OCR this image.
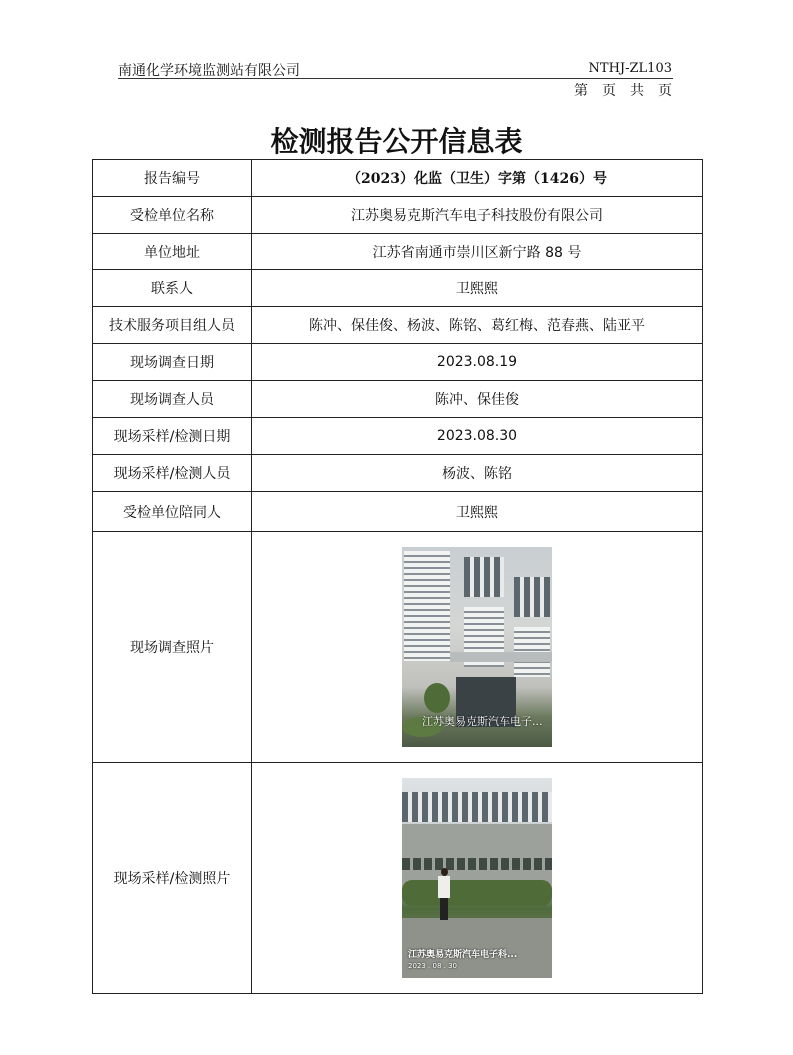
南通化学环境监测站有限公司	NTHJ-ZL103
第页共页
检测报告公开信息表
报告编号	（2023）化监（卫生）字第（1426）号
受检单位名称	江苏奥易克斯汽车电子科技股份有限公司
单位地址	江苏省南通市崇川区新宁路 88 号
联系人	卫熙熙
技术服务项目组人员	陈冲、保佳俊、杨波、陈铭、葛红梅、范春燕、陆亚平
现场调查日期	2023.08.19
现场调查人员	陈冲、保佳俊
现场采样/检测日期	2023.08.30
现场采样/检测人员	杨波、陈铭
受检单位陪同人	卫熙熙
现场调查照片	江苏奥易克斯汽车电子...

现场采样/检测照片	江苏奥易克斯汽车电子科...
2023 . 08 . 30
